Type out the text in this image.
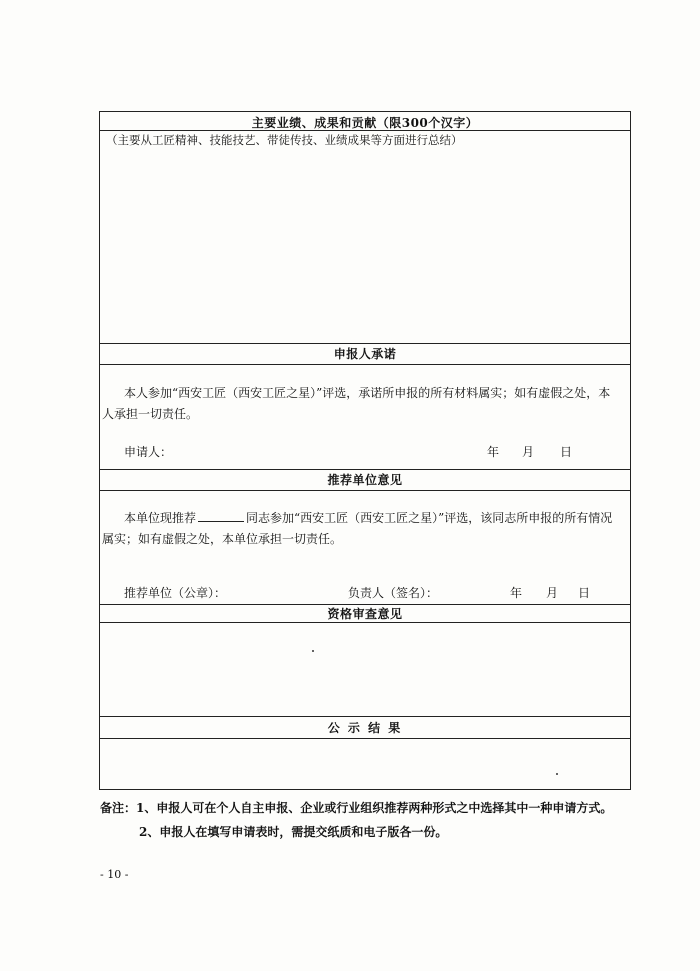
主要业绩、成果和贡献（限300个汉字）
（主要从工匠精神、技能技艺、带徒传技、业绩成果等方面进行总结）
申报人承诺
本人参加“西安工匠（西安工匠之星）”评选，承诺所申报的所有材料属实；如有虚假之处，本
人承担一切责任。
申请人：	年 月 日
推荐单位意见
本单位现推荐	同志参加“西安工匠（西安工匠之星）”评选，该同志所申报的所有情况
属实；如有虚假之处，本单位承担一切责任。
推荐单位（公章）：	负责人（签名）：	年 月 日
资格审查意见
公 示 结 果
备注：1、申报人可在个人自主申报、企业或行业组织推荐两种形式之中选择其中一种申请方式。
2、申报人在填写申请表时，需提交纸质和电子版各一份。
- 10 -
